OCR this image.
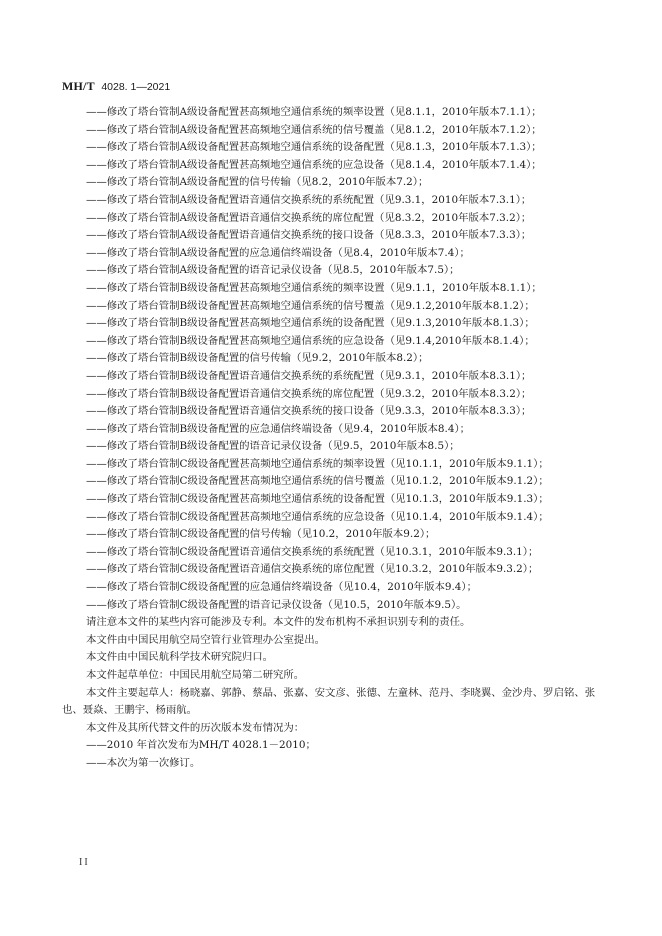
MH/T 4028. 1—2021
——修改了塔台管制A级设备配置甚高频地空通信系统的频率设置（见8.1.1，2010年版本7.1.1）；
——修改了塔台管制A级设备配置甚高频地空通信系统的信号覆盖（见8.1.2，2010年版本7.1.2）；
——修改了塔台管制A级设备配置甚高频地空通信系统的设备配置（见8.1.3，2010年版本7.1.3）；
——修改了塔台管制A级设备配置甚高频地空通信系统的应急设备（见8.1.4，2010年版本7.1.4）；
——修改了塔台管制A级设备配置的信号传输（见8.2，2010年版本7.2）；
——修改了塔台管制A级设备配置语音通信交换系统的系统配置（见9.3.1，2010年版本7.3.1）；
——修改了塔台管制A级设备配置语音通信交换系统的席位配置（见8.3.2，2010年版本7.3.2）；
——修改了塔台管制A级设备配置语音通信交换系统的接口设备（见8.3.3，2010年版本7.3.3）；
——修改了塔台管制A级设备配置的应急通信终端设备（见8.4，2010年版本7.4）；
——修改了塔台管制A级设备配置的语音记录仪设备（见8.5，2010年版本7.5）；
——修改了塔台管制B级设备配置甚高频地空通信系统的频率设置（见9.1.1，2010年版本8.1.1）；
——修改了塔台管制B级设备配置甚高频地空通信系统的信号覆盖（见9.1.2,2010年版本8.1.2）；
——修改了塔台管制B级设备配置甚高频地空通信系统的设备配置（见9.1.3,2010年版本8.1.3）；
——修改了塔台管制B级设备配置甚高频地空通信系统的应急设备（见9.1.4,2010年版本8.1.4）；
——修改了塔台管制B级设备配置的信号传输（见9.2，2010年版本8.2）；
——修改了塔台管制B级设备配置语音通信交换系统的系统配置（见9.3.1，2010年版本8.3.1）；
——修改了塔台管制B级设备配置语音通信交换系统的席位配置（见9.3.2，2010年版本8.3.2）；
——修改了塔台管制B级设备配置语音通信交换系统的接口设备（见9.3.3，2010年版本8.3.3）；
——修改了塔台管制B级设备配置的应急通信终端设备（见9.4，2010年版本8.4）；
——修改了塔台管制B级设备配置的语音记录仪设备（见9.5，2010年版本8.5）；
——修改了塔台管制C级设备配置甚高频地空通信系统的频率设置（见10.1.1，2010年版本9.1.1）；
——修改了塔台管制C级设备配置甚高频地空通信系统的信号覆盖（见10.1.2，2010年版本9.1.2）；
——修改了塔台管制C级设备配置甚高频地空通信系统的设备配置（见10.1.3，2010年版本9.1.3）；
——修改了塔台管制C级设备配置甚高频地空通信系统的应急设备（见10.1.4，2010年版本9.1.4）；
——修改了塔台管制C级设备配置的信号传输（见10.2，2010年版本9.2）；
——修改了塔台管制C级设备配置语音通信交换系统的系统配置（见10.3.1，2010年版本9.3.1）；
——修改了塔台管制C级设备配置语音通信交换系统的席位配置（见10.3.2，2010年版本9.3.2）；
——修改了塔台管制C级设备配置的应急通信终端设备（见10.4，2010年版本9.4）；
——修改了塔台管制C级设备配置的语音记录仪设备（见10.5，2010年版本9.5）。
请注意本文件的某些内容可能涉及专利。本文件的发布机构不承担识别专利的责任。
本文件由中国民用航空局空管行业管理办公室提出。
本文件由中国民航科学技术研究院归口。
本文件起草单位：中国民用航空局第二研究所。
本文件主要起草人：杨晓嘉、郭静、蔡晶、张嘉、安文彦、张德、左童林、范丹、李晓翼、金沙舟、罗启铭、张也、聂焱、王鹏宇、杨雨航。
本文件及其所代替文件的历次版本发布情况为：
——2010 年首次发布为MH/T 4028.1－2010；
——本次为第一次修订。
II
